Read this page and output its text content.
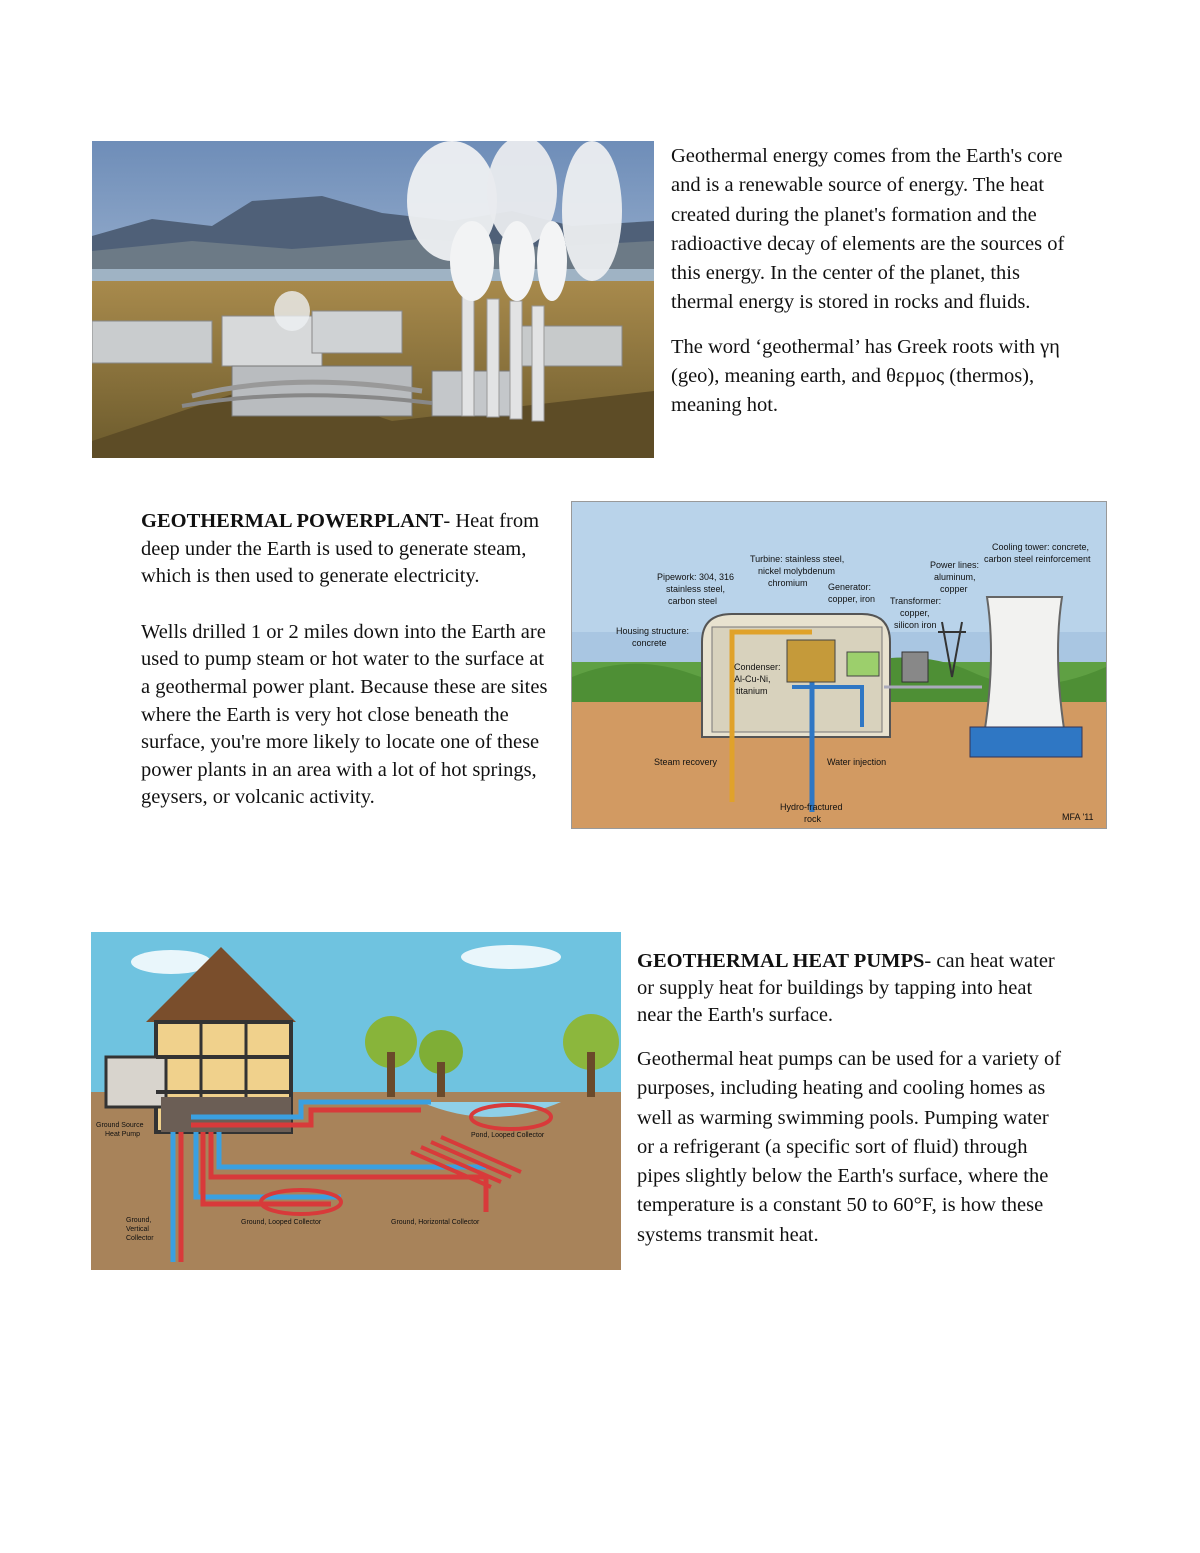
Geothermal energy comes from the Earth's core and is a renewable source of energy. The heat created during the planet's formation and the radioactive decay of elements are the sources of this energy. In the center of the planet, this thermal energy is stored in rocks and fluids.

The word ‘geothermal’ has Greek roots with γη (geo), meaning earth, and θερμος (thermos), meaning hot.

GEOTHERMAL POWERPLANT- Heat from deep under the Earth is used to generate steam, which is then used to generate electricity.

Wells drilled 1 or 2 miles down into the Earth are used to pump steam or hot water to the surface at a geothermal power plant. Because these are sites where the Earth is very hot close beneath the surface, you're more likely to locate one of these power plants in an area with a lot of hot springs, geysers, or volcanic activity.

Turbine: stainless steel,
nickel molybdenum
chromium
Cooling tower: concrete,
carbon steel reinforcement
Pipework: 304, 316
stainless steel,
carbon steel
Generator:
copper, iron
Power lines:
aluminum,
copper
Transformer:
copper,
silicon iron
Housing structure:
concrete
Condenser:
Al-Cu-Ni,
titanium
Steam recovery	Water injection
Hydro-fractured
rock	MFA '11
Ground Source
Heat Pump	Pond, Looped Collector
Ground,
Vertical
Collector
Ground, Looped Collector	Ground, Horizontal Collector

GEOTHERMAL HEAT PUMPS- can heat water or supply heat for buildings by tapping into heat near the Earth's surface.

Geothermal heat pumps can be used for a variety of purposes, including heating and cooling homes as well as warming swimming pools. Pumping water or a refrigerant (a specific sort of fluid) through pipes slightly below the Earth's surface, where the temperature is a constant 50 to 60°F, is how these systems transmit heat.
